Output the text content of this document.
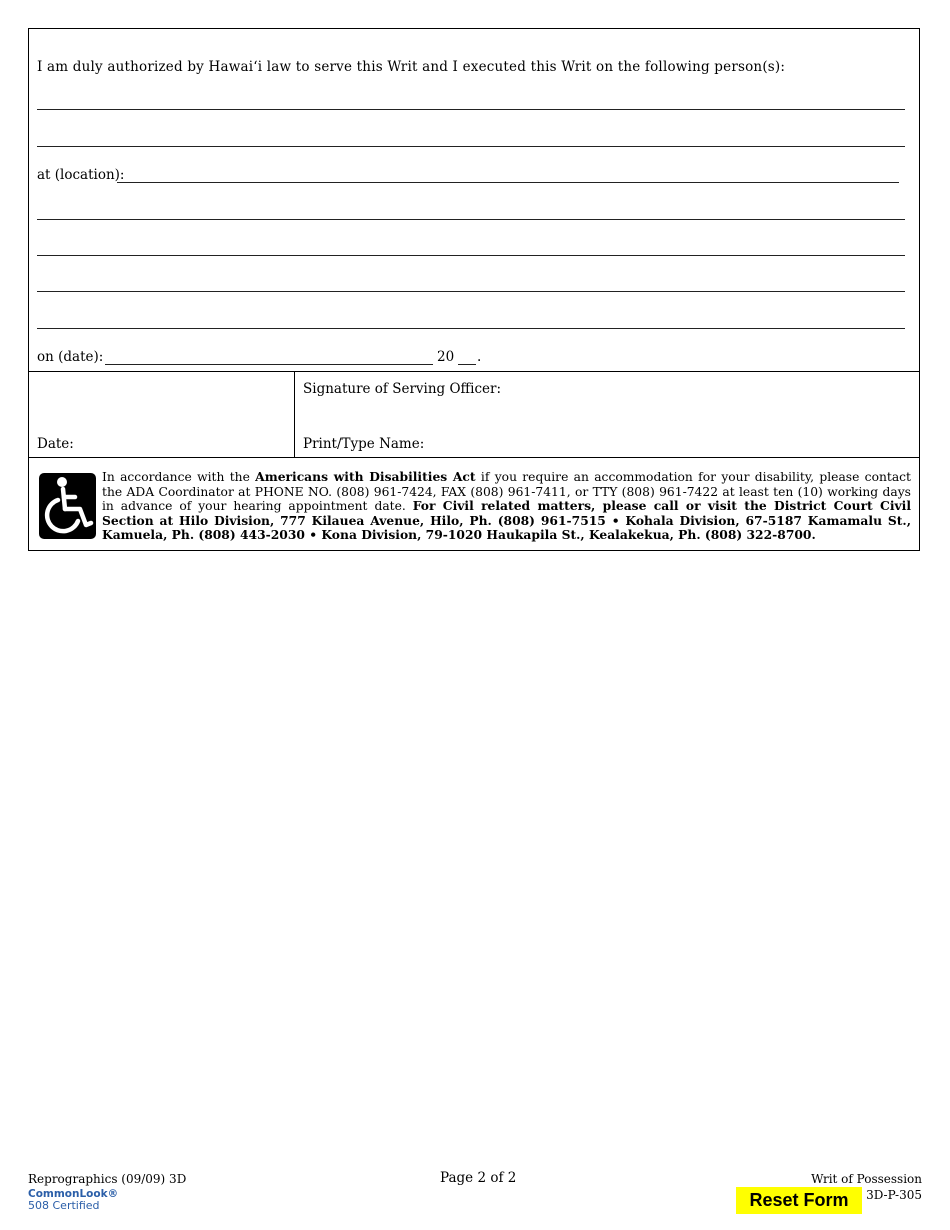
I am duly authorized by Hawai‘i law to serve this Writ and I executed this Writ on the following person(s):
at (location):
on (date):	20 .
Date:
Signature of Serving Officer:
Print/Type Name:
In accordance with the Americans with Disabilities Act if you require an accommodation for your disability, please contact the ADA Coordinator at PHONE NO. (808) 961-7424, FAX (808) 961-7411, or TTY (808) 961-7422 at least ten (10) working days in advance of your hearing appointment date. For Civil related matters, please call or visit the District Court Civil Section at Hilo Division, 777 Kilauea Avenue, Hilo, Ph. (808) 961-7515 • Kohala Division, 67-5187 Kamamalu St., Kamuela, Ph. (808) 443-2030 • Kona Division, 79-1020 Haukapila St., Kealakekua, Ph. (808) 322-8700.
Reprographics (09/09) 3D	Page 2 of 2	Writ of Possession
3D-P-305
CommonLook®
508 Certified	Reset Form
